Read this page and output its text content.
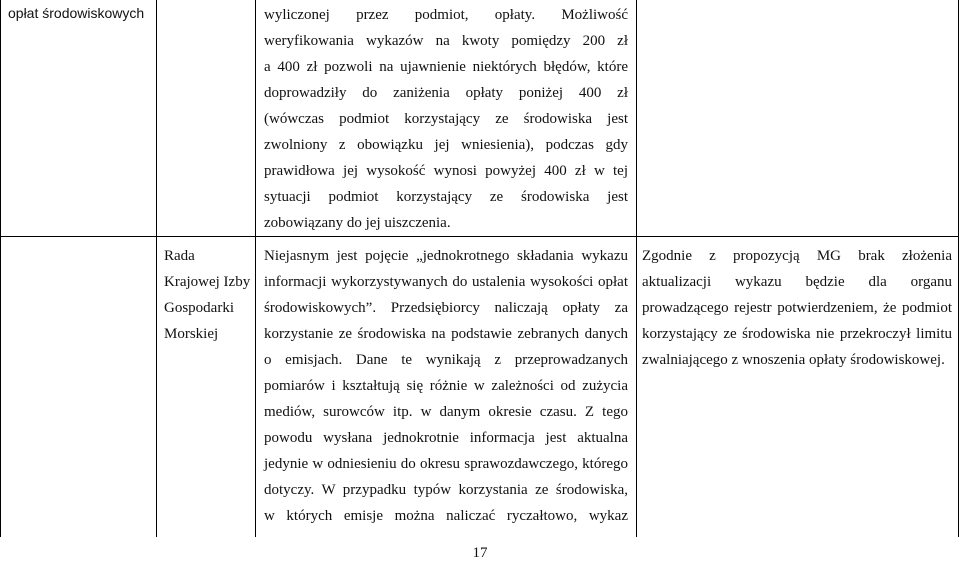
opłat środowiskowych	wyliczonej przez podmiot, opłaty. Możliwość
weryfikowania wykazów na kwoty pomiędzy 200 zł
a 400 zł pozwoli na ujawnienie niektórych błędów, które
doprowadziły do zaniżenia opłaty poniżej 400 zł
(wówczas podmiot korzystający ze środowiska jest
zwolniony z obowiązku jej wniesienia), podczas gdy
prawidłowa jej wysokość wynosi powyżej 400 zł w tej
sytuacji podmiot korzystający ze środowiska jest
zobowiązany do jej uiszczenia.
Rada
Krajowej Izby
Gospodarki
Morskiej
Niejasnym jest pojęcie „jednokrotnego składania wykazu
informacji wykorzystywanych do ustalenia wysokości opłat
środowiskowych”. Przedsiębiorcy naliczają opłaty za
korzystanie ze środowiska na podstawie zebranych danych
o emisjach. Dane te wynikają z przeprowadzanych
pomiarów i kształtują się różnie w zależności od zużycia
mediów, surowców itp. w danym okresie czasu. Z tego
powodu wysłana jednokrotnie informacja jest aktualna
jedynie w odniesieniu do okresu sprawozdawczego, którego
dotyczy. W przypadku typów korzystania ze środowiska,
w których emisje można naliczać ryczałtowo, wykaz
Zgodnie z propozycją MG brak złożenia
aktualizacji wykazu będzie dla organu
prowadzącego rejestr potwierdzeniem, że podmiot
korzystający ze środowiska nie przekroczył limitu
zwalniającego z wnoszenia opłaty środowiskowej.
17
